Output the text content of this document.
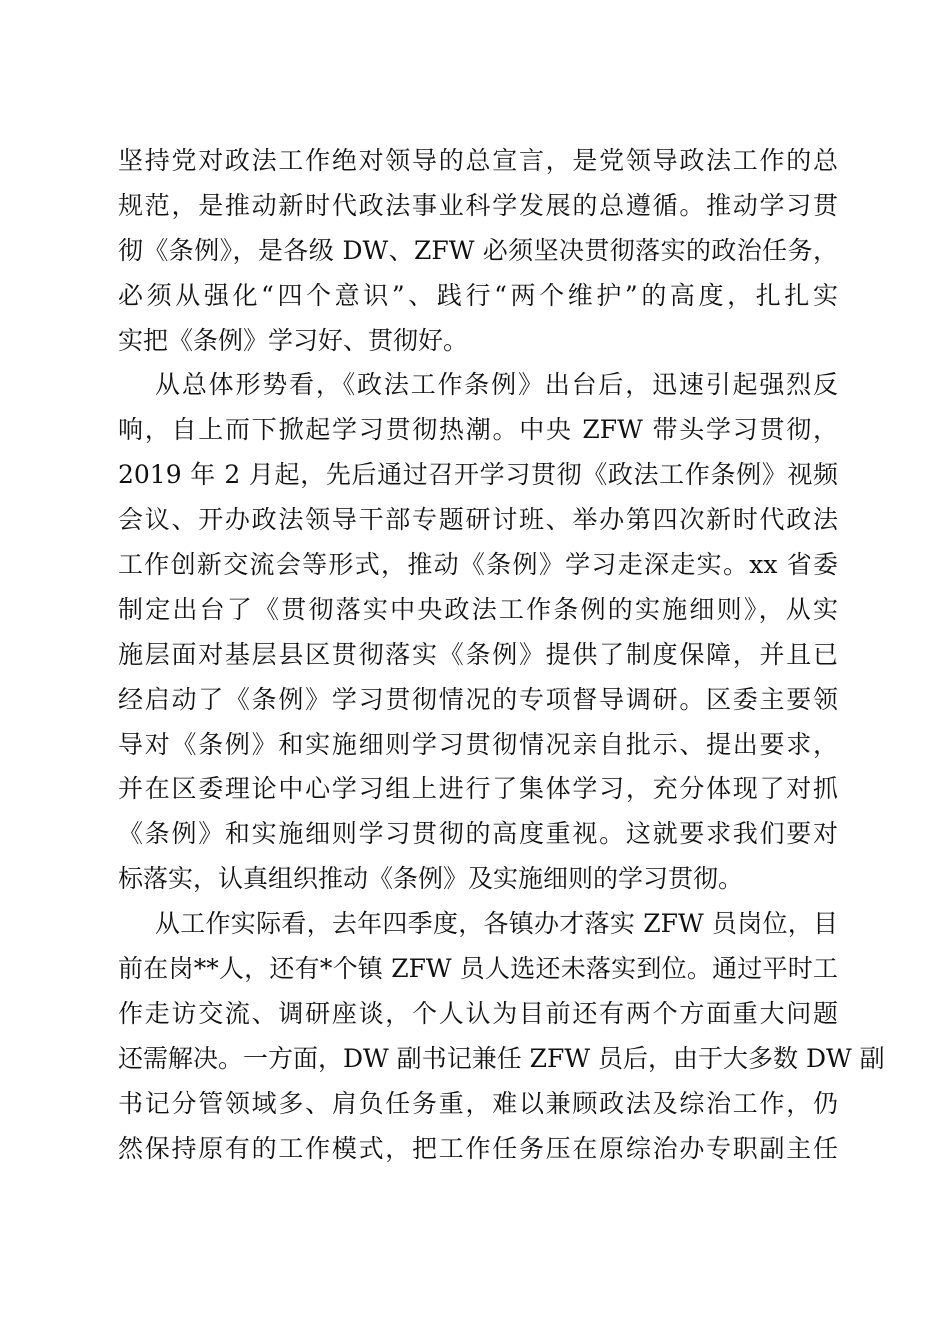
坚持党对政法工作绝对领导的总宣言，是党领导政法工作的总
规范，是推动新时代政法事业科学发展的总遵循。推动学习贯
彻《条例》，是各级 DW、ZFW 必须坚决贯彻落实的政治任务，
必须从强化“四个意识”、践行“两个维护”的高度，扎扎实
实把《条例》学习好、贯彻好。
从总体形势看，《政法工作条例》出台后，迅速引起强烈反
响，自上而下掀起学习贯彻热潮。中央 ZFW 带头学习贯彻，
2019 年 2 月起，先后通过召开学习贯彻《政法工作条例》视频
会议、开办政法领导干部专题研讨班、举办第四次新时代政法
工作创新交流会等形式，推动《条例》学习走深走实。xx 省委
制定出台了《贯彻落实中央政法工作条例的实施细则》，从实
施层面对基层县区贯彻落实《条例》提供了制度保障，并且已
经启动了《条例》学习贯彻情况的专项督导调研。区委主要领
导对《条例》和实施细则学习贯彻情况亲自批示、提出要求，
并在区委理论中心学习组上进行了集体学习，充分体现了对抓
《条例》和实施细则学习贯彻的高度重视。这就要求我们要对
标落实，认真组织推动《条例》及实施细则的学习贯彻。
从工作实际看，去年四季度，各镇办才落实 ZFW 员岗位，目
前在岗**人，还有*个镇 ZFW 员人选还未落实到位。通过平时工
作走访交流、调研座谈，个人认为目前还有两个方面重大问题
还需解决。一方面，DW 副书记兼任 ZFW 员后，由于大多数 DW 副
书记分管领域多、肩负任务重，难以兼顾政法及综治工作，仍
然保持原有的工作模式，把工作任务压在原综治办专职副主任
